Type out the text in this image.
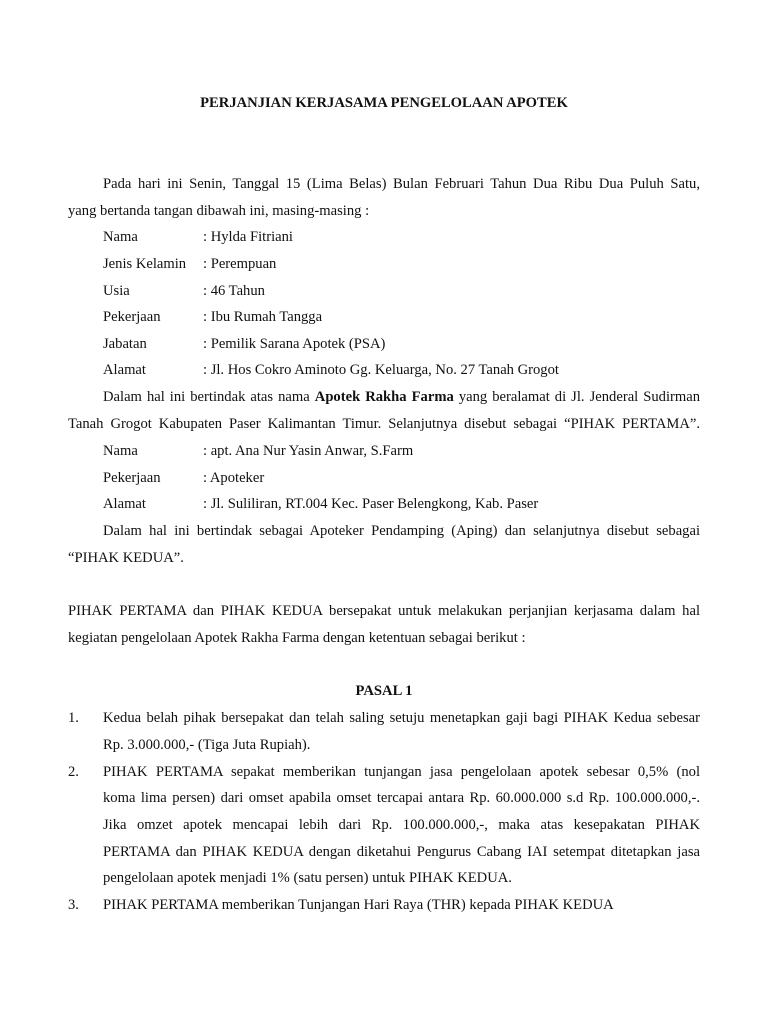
PERJANJIAN KERJASAMA PENGELOLAAN APOTEK
Pada hari ini Senin, Tanggal 15 (Lima Belas) Bulan Februari Tahun Dua Ribu Dua Puluh Satu,
yang bertanda tangan dibawah ini, masing-masing :
Nama	: Hylda Fitriani
Jenis Kelamin : Perempuan
Usia	: 46 Tahun
Pekerjaan	: Ibu Rumah Tangga
Jabatan	: Pemilik Sarana Apotek (PSA)
Alamat	: Jl. Hos Cokro Aminoto Gg. Keluarga, No. 27 Tanah Grogot
Dalam hal ini bertindak atas nama Apotek Rakha Farma yang beralamat di Jl. Jenderal Sudirman
Tanah Grogot Kabupaten Paser Kalimantan Timur. Selanjutnya disebut sebagai “PIHAK PERTAMA”.
Nama	: apt. Ana Nur Yasin Anwar, S.Farm
Pekerjaan	: Apoteker
Alamat	: Jl. Suliliran, RT.004 Kec. Paser Belengkong, Kab. Paser
Dalam hal ini bertindak sebagai Apoteker Pendamping (Aping) dan selanjutnya disebut sebagai
“PIHAK KEDUA”.
PIHAK PERTAMA dan PIHAK KEDUA bersepakat untuk melakukan perjanjian kerjasama dalam hal
kegiatan pengelolaan Apotek Rakha Farma dengan ketentuan sebagai berikut :
PASAL 1
1. Kedua belah pihak bersepakat dan telah saling setuju menetapkan gaji bagi PIHAK Kedua sebesar
Rp. 3.000.000,- (Tiga Juta Rupiah).
2. PIHAK PERTAMA sepakat memberikan tunjangan jasa pengelolaan apotek sebesar 0,5% (nol
koma lima persen) dari omset apabila omset tercapai antara Rp. 60.000.000 s.d Rp. 100.000.000,-.
Jika omzet apotek mencapai lebih dari Rp. 100.000.000,-, maka atas kesepakatan PIHAK
PERTAMA dan PIHAK KEDUA dengan diketahui Pengurus Cabang IAI setempat ditetapkan jasa
pengelolaan apotek menjadi 1% (satu persen) untuk PIHAK KEDUA.
3. PIHAK PERTAMA memberikan Tunjangan Hari Raya (THR) kepada PIHAK KEDUA
